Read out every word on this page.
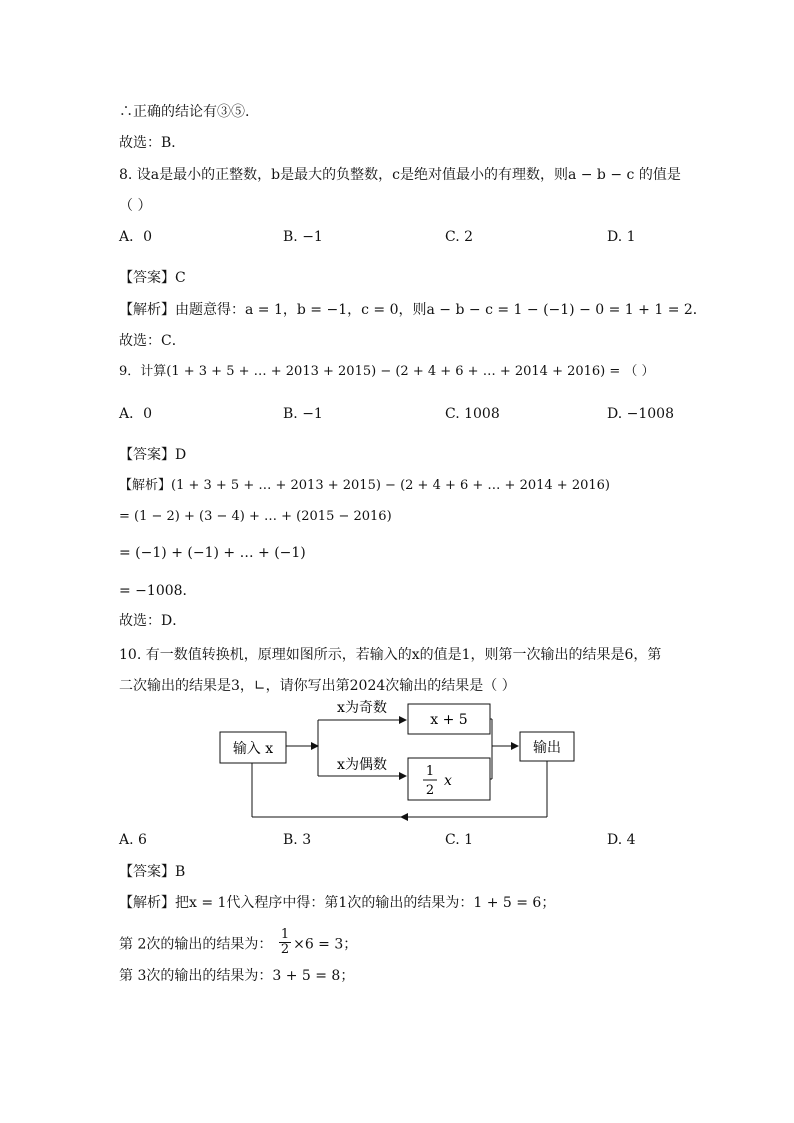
∴正确的结论有③⑤.
故选：B．
8. 设a是最小的正整数，b是最大的负整数，c是绝对值最小的有理数，则a − b − c 的值是
（ ）
A．0	B. −1	C. 2	D. 1
【答案】C
【解析】由题意得：a = 1，b = −1，c = 0，则a − b − c = 1 − (−1) − 0 = 1 + 1 = 2．
故选：C．
9．计算(1 + 3 + 5 + … + 2013 + 2015) − (2 + 4 + 6 + … + 2014 + 2016) = （ ）
A．0	B. −1	C. 1008	D. −1008
【答案】D
【解析】(1 + 3 + 5 + … + 2013 + 2015) − (2 + 4 + 6 + … + 2014 + 2016)
= (1 − 2) + (3 − 4) + … + (2015 − 2016)
= (−1) + (−1) + … + (−1)
= −1008．
故选：D．
10. 有一数值转换机，原理如图所示，若输入的x的值是1，则第一次输出的结果是6，第
二次输出的结果是3，∟，请你写出第2024次输出的结果是（ ）
输入 x
x为奇数
x为偶数
x + 5
1
2
x
输出
A. 6	B. 3	C. 1	D. 4
【答案】B
【解析】把x = 1代入程序中得：第1次的输出的结果为：1 + 5 = 6；
第 2次的输出的结果为： $\frac{1}{2} \times 6 = 3$；
第 3次的输出的结果为：3 + 5 = 8；
